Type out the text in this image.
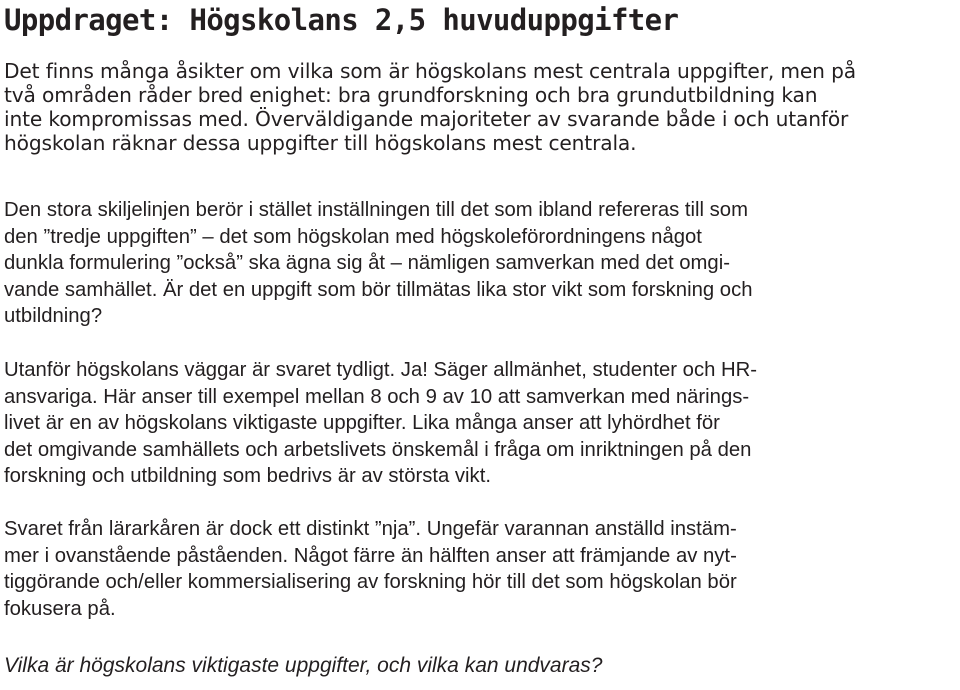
Uppdraget: Högskolans 2,5 huvuduppgifter

Det finns många åsikter om vilka som är högskolans mest centrala uppgifter, men på
två områden råder bred enighet: bra grundforskning och bra grundutbildning kan
inte kompromissas med. Överväldigande majoriteter av svarande både i och utanför
högskolan räknar dessa uppgifter till högskolans mest centrala.

Den stora skiljelinjen berör i stället inställningen till det som ibland refereras till som
den ”tredje uppgiften” – det som högskolan med högskoleförordningens något
dunkla formulering ”också” ska ägna sig åt – nämligen samverkan med det omgi-
vande samhället. Är det en uppgift som bör tillmätas lika stor vikt som forskning och
utbildning?

Utanför högskolans väggar är svaret tydligt. Ja! Säger allmänhet, studenter och HR-
ansvariga. Här anser till exempel mellan 8 och 9 av 10 att samverkan med närings-
livet är en av högskolans viktigaste uppgifter. Lika många anser att lyhördhet för
det omgivande samhällets och arbetslivets önskemål i fråga om inriktningen på den
forskning och utbildning som bedrivs är av största vikt.

Svaret från lärarkåren är dock ett distinkt ”nja”. Ungefär varannan anställd instäm-
mer i ovanstående påståenden. Något färre än hälften anser att främjande av nyt-
tiggörande och/eller kommersialisering av forskning hör till det som högskolan bör
fokusera på.

Vilka är högskolans viktigaste uppgifter, och vilka kan undvaras?
